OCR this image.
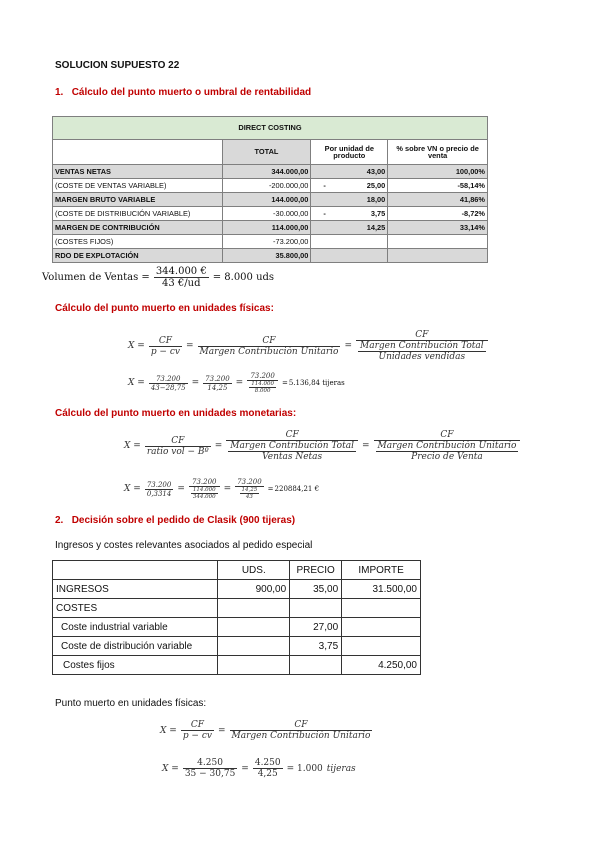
SOLUCION SUPUESTO 22
1. Cálculo del punto muerto o umbral de rentabilidad
DIRECT COSTING			
	TOTAL	Por unidad de producto	% sobre VN o precio de venta
VENTAS NETAS	344.000,00	43,00	100,00%
(COSTE DE VENTAS VARIABLE)	-200.000,00	- 25,00	-58,14%
MARGEN BRUTO VARIABLE	144.000,00	18,00	41,86%
(COSTE DE DISTRIBUCIÓN VARIABLE)	-30.000,00	- 3,75	-8,72%
MARGEN DE CONTRIBUCIÓN	114.000,00	14,25	33,14%
(COSTES FIJOS)	-73.200,00		
RDO DE EXPLOTACIÓN	35.800,00		
Volumen de Ventas = $\frac{344.000 €}{43 €/ud} = 8.000$ uds
Cálculo del punto muerto en unidades físicas:
$X = \frac{CF}{p - cv} = \frac{CF}{\text{Margen Contribución Unitario}} = \frac{CF}{\frac{\text{Margen Contribución Total}}{\text{Unidades vendidas}}}$
$X = \frac{73.200}{43-28,75} = \frac{73.200}{14,25} = \frac{73.200}{\frac{114.000}{8.000}} = 5.136,84$ tijeras
Cálculo del punto muerto en unidades monetarias:
$X = \frac{CF}{\text{ratio vol − Bº}} = \frac{CF}{\frac{\text{Margen Contribución Total}}{\text{Ventas Netas}}} = \frac{CF}{\frac{\text{Margen Contribución Unitario}}{\text{Precio de Venta}}}$
$X = \frac{73.200}{0,3314} = \frac{73.200}{\frac{114.000}{344.000}} = \frac{73.200}{\frac{14,25}{43}} = 220884,21$ €
2. Decisión sobre el pedido de Clasik (900 tijeras)
Ingresos y costes relevantes asociados al pedido especial
	UDS.	PRECIO	IMPORTE
INGRESOS	900,00	35,00	31.500,00
COSTES			
Coste industrial variable		27,00	
Coste de distribución variable		3,75	
Costes fijos			4.250,00
Punto muerto en unidades físicas:
$X = \frac{CF}{p - cv} = \frac{CF}{\text{Margen Contribución Unitario}}$
$X = \frac{4.250}{35 - 30,75} = \frac{4.250}{4,25} = 1.000$ tijeras
